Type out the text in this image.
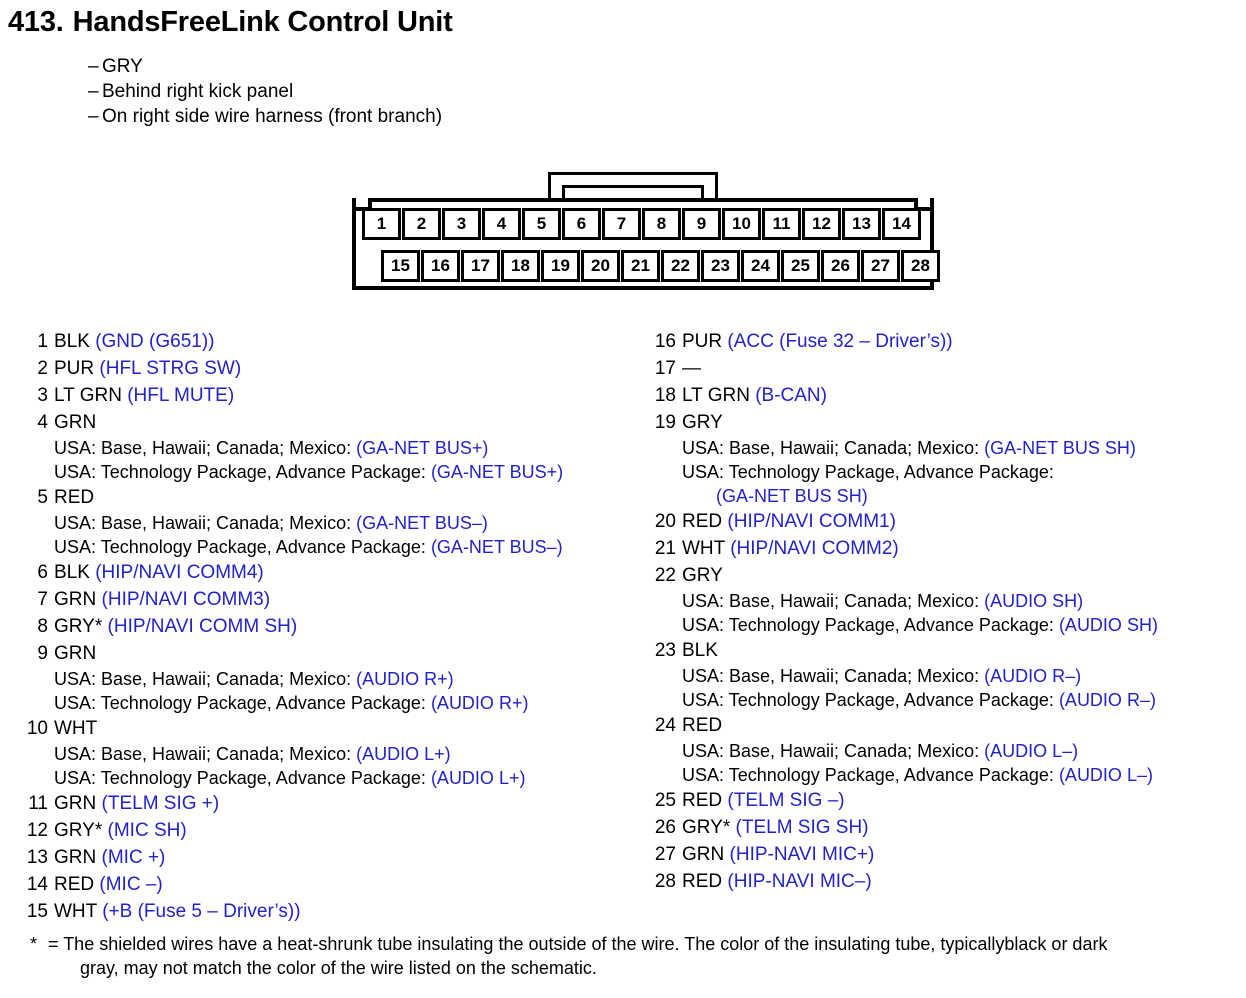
413. HandsFreeLink Control Unit
– GRY
– Behind right kick panel
– On right side wire harness (front branch)
1	2	3	4	5	6	7	8	9	10	11	12	13	14
15	16	17	18	19	20	21	22	23	24	25	26	27	28
1 BLK (GND (G651))
2 PUR (HFL STRG SW)
3 LT GRN (HFL MUTE)
4 GRN
USA: Base, Hawaii; Canada; Mexico: (GA-NET BUS+)
USA: Technology Package, Advance Package: (GA-NET BUS+)
5 RED
USA: Base, Hawaii; Canada; Mexico: (GA-NET BUS–)
USA: Technology Package, Advance Package: (GA-NET BUS–)
6 BLK (HIP/NAVI COMM4)
7 GRN (HIP/NAVI COMM3)
8 GRY* (HIP/NAVI COMM SH)
9 GRN
USA: Base, Hawaii; Canada; Mexico: (AUDIO R+)
USA: Technology Package, Advance Package: (AUDIO R+)
10 WHT
USA: Base, Hawaii; Canada; Mexico: (AUDIO L+)
USA: Technology Package, Advance Package: (AUDIO L+)
11 GRN (TELM SIG +)
12 GRY* (MIC SH)
13 GRN (MIC +)
14 RED (MIC –)
15 WHT (+B (Fuse 5 – Driver’s))
16 PUR (ACC (Fuse 32 – Driver’s))
17 —
18 LT GRN (B-CAN)
19 GRY
USA: Base, Hawaii; Canada; Mexico: (GA-NET BUS SH)
USA: Technology Package, Advance Package:
(GA-NET BUS SH)
20 RED (HIP/NAVI COMM1)
21 WHT (HIP/NAVI COMM2)
22 GRY
USA: Base, Hawaii; Canada; Mexico: (AUDIO SH)
USA: Technology Package, Advance Package: (AUDIO SH)
23 BLK
USA: Base, Hawaii; Canada; Mexico: (AUDIO R–)
USA: Technology Package, Advance Package: (AUDIO R–)
24 RED
USA: Base, Hawaii; Canada; Mexico: (AUDIO L–)
USA: Technology Package, Advance Package: (AUDIO L–)
25 RED (TELM SIG –)
26 GRY* (TELM SIG SH)
27 GRN (HIP-NAVI MIC+)
28 RED (HIP-NAVI MIC–)
* = The shielded wires have a heat-shrunk tube insulating the outside of the wire. The color of the insulating tube, typicallyblack or dark
gray, may not match the color of the wire listed on the schematic.
